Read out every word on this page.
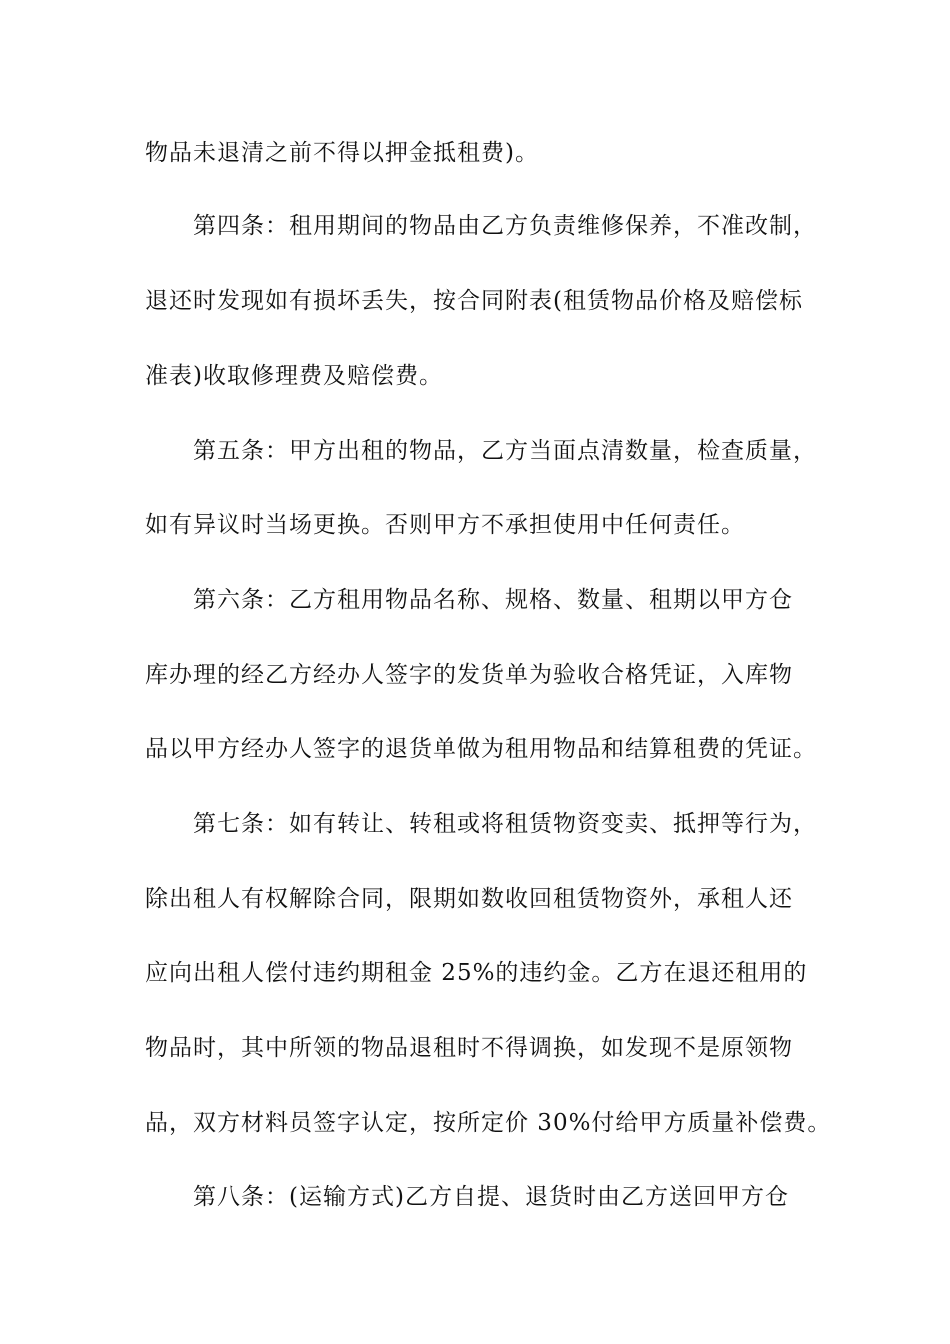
物品未退清之前不得以押金抵租费)。
第四条：租用期间的物品由乙方负责维修保养，不准改制，
退还时发现如有损坏丢失，按合同附表(租赁物品价格及赔偿标
准表)收取修理费及赔偿费。
第五条：甲方出租的物品，乙方当面点清数量，检查质量，
如有异议时当场更换。否则甲方不承担使用中任何责任。
第六条：乙方租用物品名称、规格、数量、租期以甲方仓
库办理的经乙方经办人签字的发货单为验收合格凭证，入库物
品以甲方经办人签字的退货单做为租用物品和结算租费的凭证。
第七条：如有转让、转租或将租赁物资变卖、抵押等行为，
除出租人有权解除合同，限期如数收回租赁物资外，承租人还
应向出租人偿付违约期租金 25%的违约金。乙方在退还租用的
物品时，其中所领的物品退租时不得调换，如发现不是原领物
品，双方材料员签字认定，按所定价 30%付给甲方质量补偿费。
第八条：(运输方式)乙方自提、退货时由乙方送回甲方仓
